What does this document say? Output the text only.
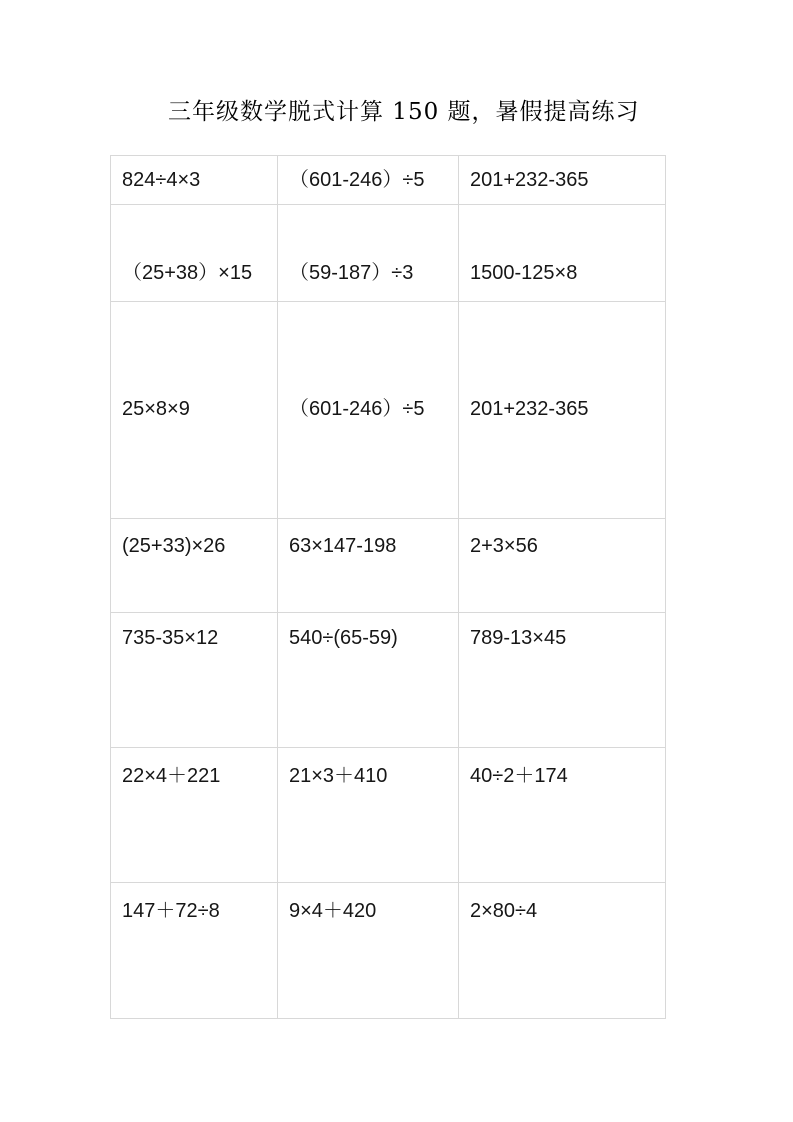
三年级数学脱式计算 150 题，暑假提高练习
824÷4×3	（601-246）÷5	201+232-365
（25+38）×15	（59-187）÷3	1500-125×8
25×8×9	（601-246）÷5	201+232-365
(25+33)×26	63×147-198	2+3×56
735-35×12	540÷(65-59)	789-13×45
22×4＋221	21×3＋410	40÷2＋174
147＋72÷8	9×4＋420	2×80÷4
